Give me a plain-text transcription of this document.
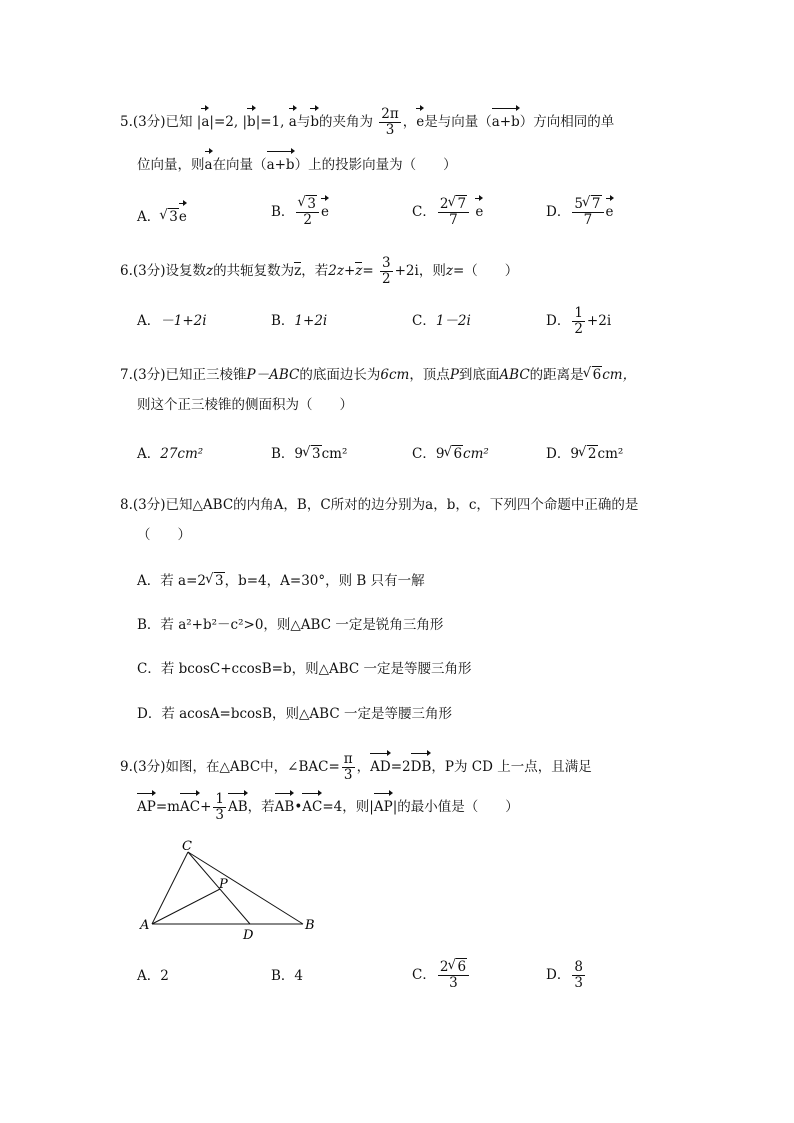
5.(3分)已知 |a|=2, |b|=1, a与b的夹角为 $\frac{2\pi}{3}$ ，e是与向量（a+b）方向相同的单
位向量，则a在向量（a+b）上的投影向量为（　　）
A． √ 3e	B． √ $\frac{3}{2}$ e	C． $\frac{2 √ 7}{7}$ e	D． $\frac{5 √ 7}{7}$ e
6.(3分)设复数z的共轭复数为z，若$2z+z= \frac{3}{2} +2i$，则z=（　　）
A．－1+2i	B．1+2i	C．1－2i	D． $\frac{1}{2} +2i$
7.(3分)已知正三棱锥P－ABC的底面边长为6cm，顶点P到底面ABC的距离是 √ 6cm，
则这个正三棱锥的侧面积为（　　）
A．27cm²	B．9 √ 3cm²	C．9 √ 6cm²	D．9 √ 2cm²
8.(3分)已知△ABC的内角A，B，C所对的边分别为a，b，c，下列四个命题中正确的是
（　　）
A．若 a=2 √ 3，b=4，A=30°，则 B 只有一解
B．若 a²+b²－c²>0，则△ABC 一定是锐角三角形
C．若 bcosC+ccosB=b，则△ABC 一定是等腰三角形
D．若 acosA=bcosB，则△ABC 一定是等腰三角形
9.(3分)如图，在△ABC中，∠BAC= $\frac{\pi}{3}$ ，AD=2DB，P为 CD 上一点，且满足
$AP=mAC+ \frac{1}{3}$ AB，若AB•AC=4，则|AP|的最小值是（　　）
C
P
A
D
B
A．2	B．4	C． $\frac{2 √ 6}{3}$	D． $\frac{8}{3}$
